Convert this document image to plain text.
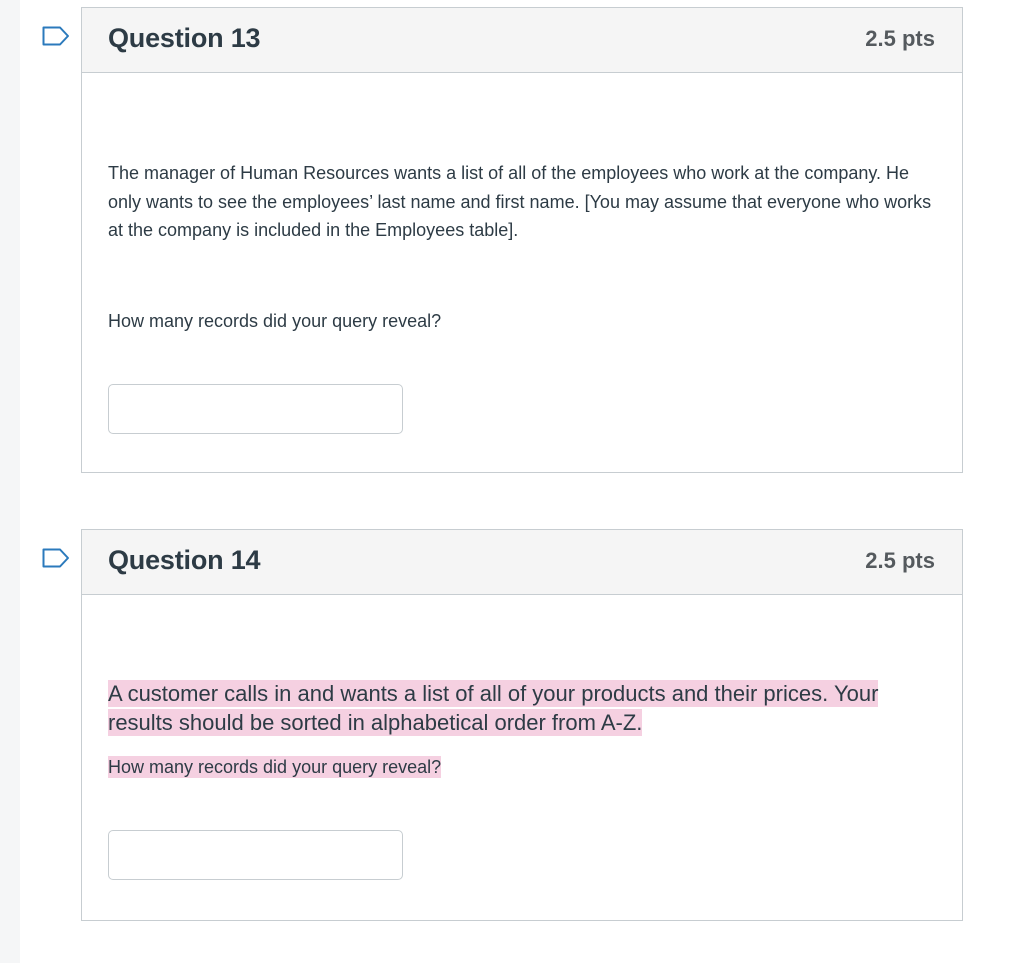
Question 13	2.5 pts

The manager of Human Resources wants a list of all of the employees who work at the company. He only wants to see the employees’ last name and first name. [You may assume that everyone who works at the company is included in the Employees table].

How many records did your query reveal?

Question 14	2.5 pts

A customer calls in and wants a list of all of your products and their prices. Your results should be sorted in alphabetical order from A-Z.

How many records did your query reveal?
